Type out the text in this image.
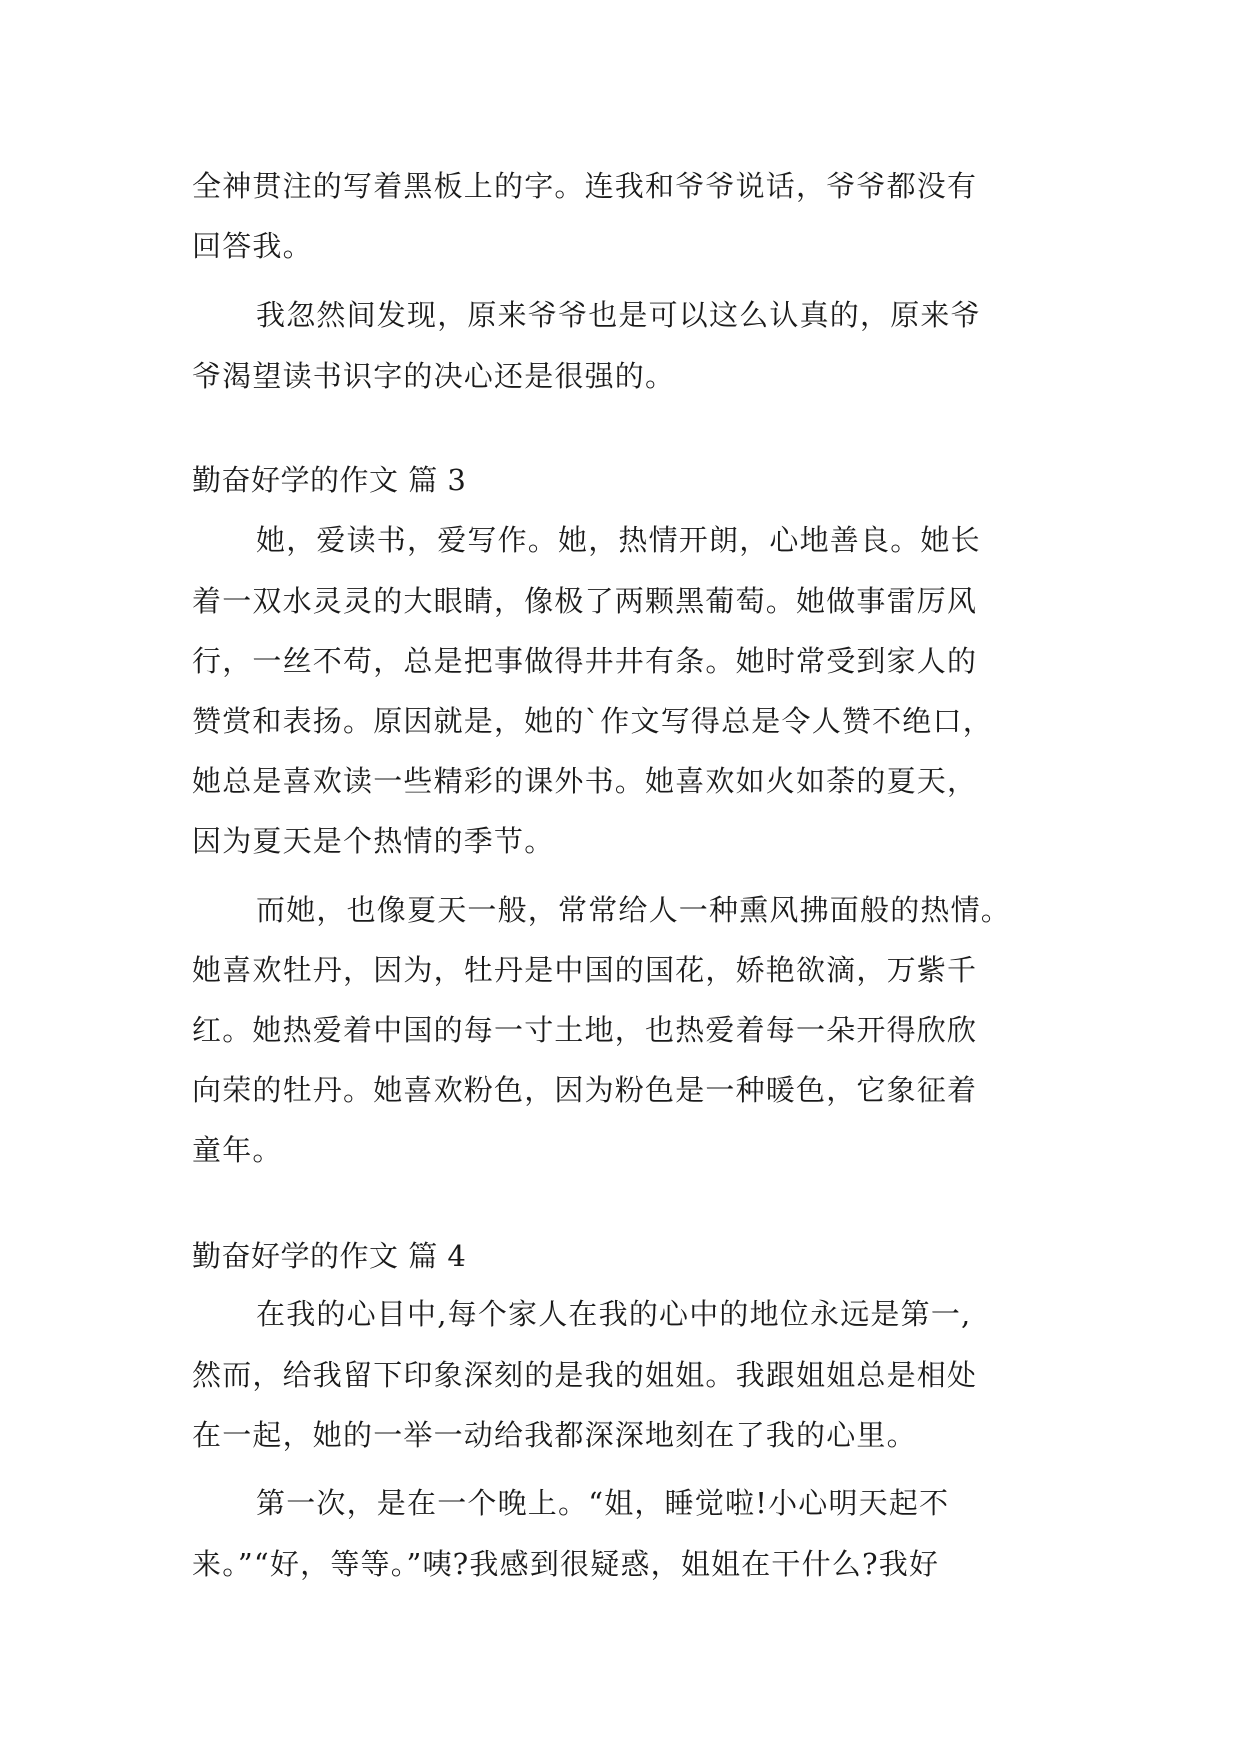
全神贯注的写着黑板上的字。连我和爷爷说话，爷爷都没有
回答我。
我忽然间发现，原来爷爷也是可以这么认真的，原来爷
爷渴望读书识字的决心还是很强的。
勤奋好学的作文 篇 3
她，爱读书，爱写作。她，热情开朗，心地善良。她长
着一双水灵灵的大眼睛，像极了两颗黑葡萄。她做事雷厉风
行，一丝不苟，总是把事做得井井有条。她时常受到家人的
赞赏和表扬。原因就是，她的`作文写得总是令人赞不绝口，
她总是喜欢读一些精彩的课外书。她喜欢如火如荼的夏天，
因为夏天是个热情的季节。
而她，也像夏天一般，常常给人一种熏风拂面般的热情。
她喜欢牡丹，因为，牡丹是中国的国花，娇艳欲滴，万紫千
红。她热爱着中国的每一寸土地，也热爱着每一朵开得欣欣
向荣的牡丹。她喜欢粉色，因为粉色是一种暖色，它象征着
童年。
勤奋好学的作文 篇 4
在我的心目中,每个家人在我的心中的地位永远是第一,
然而，给我留下印象深刻的是我的姐姐。我跟姐姐总是相处
在一起，她的一举一动给我都深深地刻在了我的心里。
第一次，是在一个晚上。“姐，睡觉啦!小心明天起不
来。”“好，等等。”咦?我感到很疑惑，姐姐在干什么?我好
